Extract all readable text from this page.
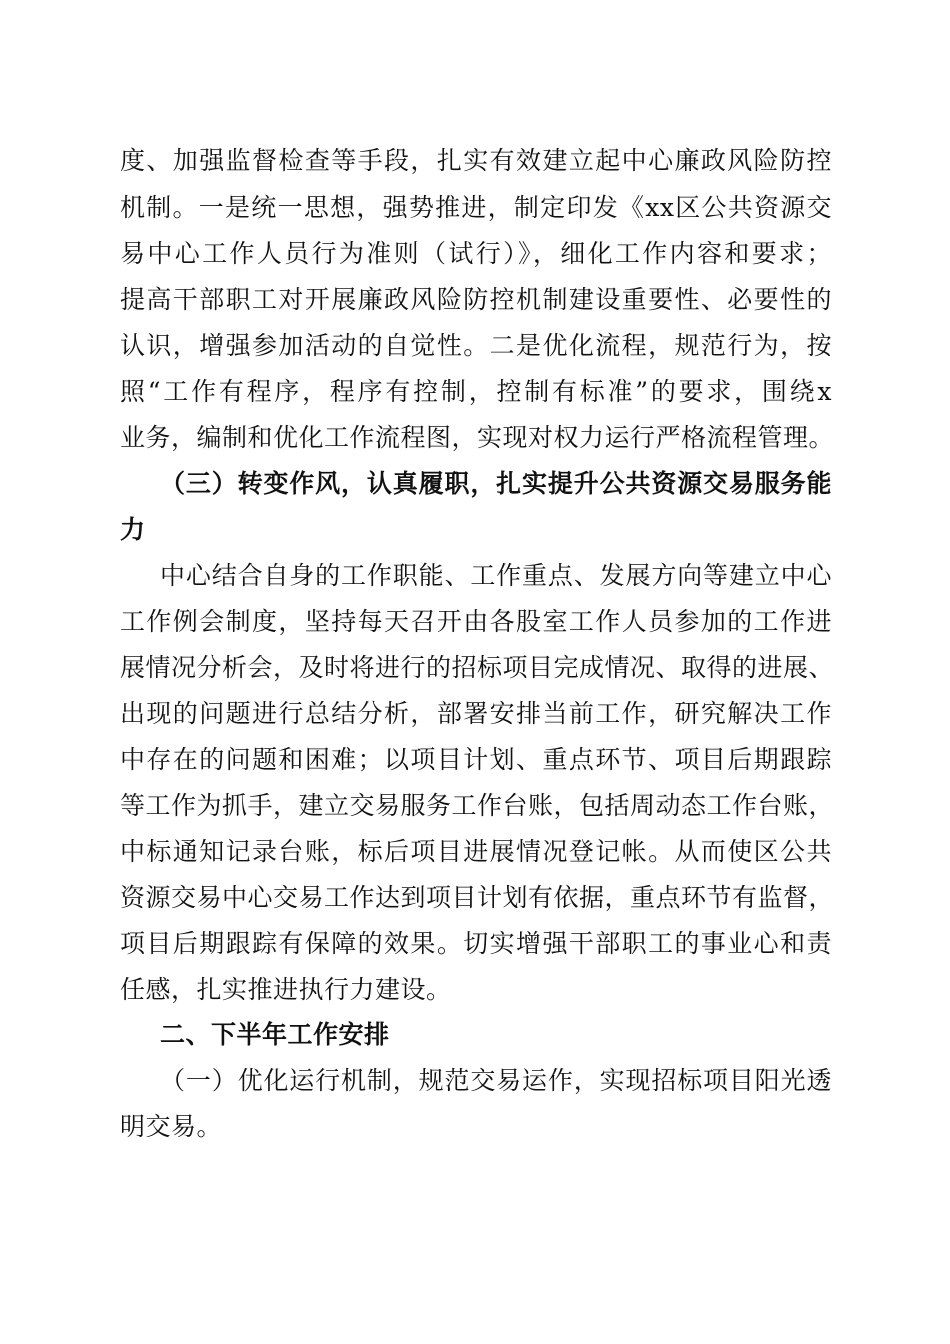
度、加强监督检查等手段，扎实有效建立起中心廉政风险防控
机制。一是统一思想，强势推进，制定印发《xx区公共资源交
易中心工作人员行为准则（试行）》，细化工作内容和要求；
提高干部职工对开展廉政风险防控机制建设重要性、必要性的
认识，增强参加活动的自觉性。二是优化流程，规范行为，按
照“工作有程序，程序有控制，控制有标准”的要求，围绕x
业务，编制和优化工作流程图，实现对权力运行严格流程管理。
（三）转变作风，认真履职，扎实提升公共资源交易服务能
力
中心结合自身的工作职能、工作重点、发展方向等建立中心
工作例会制度，坚持每天召开由各股室工作人员参加的工作进
展情况分析会，及时将进行的招标项目完成情况、取得的进展、
出现的问题进行总结分析，部署安排当前工作，研究解决工作
中存在的问题和困难；以项目计划、重点环节、项目后期跟踪
等工作为抓手，建立交易服务工作台账，包括周动态工作台账，
中标通知记录台账，标后项目进展情况登记帐。从而使区公共
资源交易中心交易工作达到项目计划有依据，重点环节有监督，
项目后期跟踪有保障的效果。切实增强干部职工的事业心和责
任感，扎实推进执行力建设。
二、下半年工作安排
（一）优化运行机制，规范交易运作，实现招标项目阳光透
明交易。
